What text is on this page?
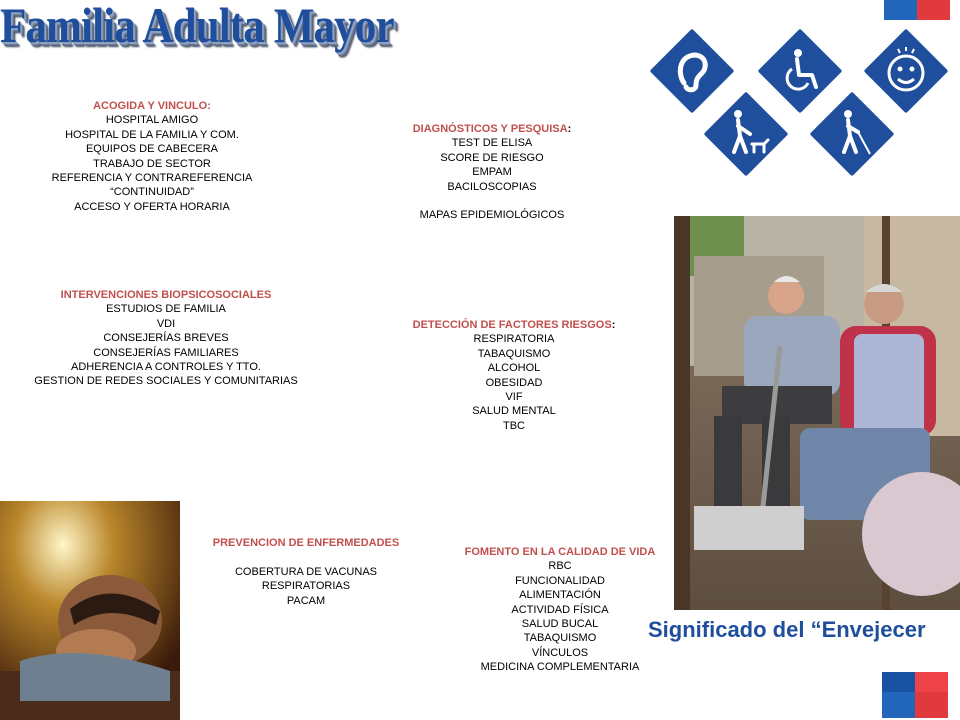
Familia Adulta Mayor
ACOGIDA Y VINCULO:
HOSPITAL AMIGO
HOSPITAL DE LA FAMILIA Y COM.
EQUIPOS DE CABECERA
TRABAJO DE SECTOR
REFERENCIA Y CONTRAREFERENCIA
“CONTINUIDAD”
ACCESO Y OFERTA HORARIA
DIAGNÓSTICOS Y PESQUISA:
TEST DE ELISA
SCORE DE RIESGO
EMPAM
BACILOSCOPIAS

MAPAS EPIDEMIOLÓGICOS
INTERVENCIONES BIOPSICOSOCIALES
ESTUDIOS DE FAMILIA
VDI
CONSEJERÍAS BREVES
CONSEJERÍAS FAMILIARES
ADHERENCIA A CONTROLES Y TTO.
GESTION DE REDES SOCIALES Y COMUNITARIAS
DETECCIÓN DE FACTORES RIESGOS:
RESPIRATORIA
TABAQUISMO
ALCOHOL
OBESIDAD
VIF
SALUD MENTAL
TBC
PREVENCION DE ENFERMEDADES

COBERTURA DE VACUNAS
RESPIRATORIAS
PACAM
FOMENTO EN LA CALIDAD DE VIDA
RBC
FUNCIONALIDAD
ALIMENTACIÓN
ACTIVIDAD FÍSICA
SALUD BUCAL
TABAQUISMO
VÍNCULOS
MEDICINA COMPLEMENTARIA
Significado del “Envejecer
